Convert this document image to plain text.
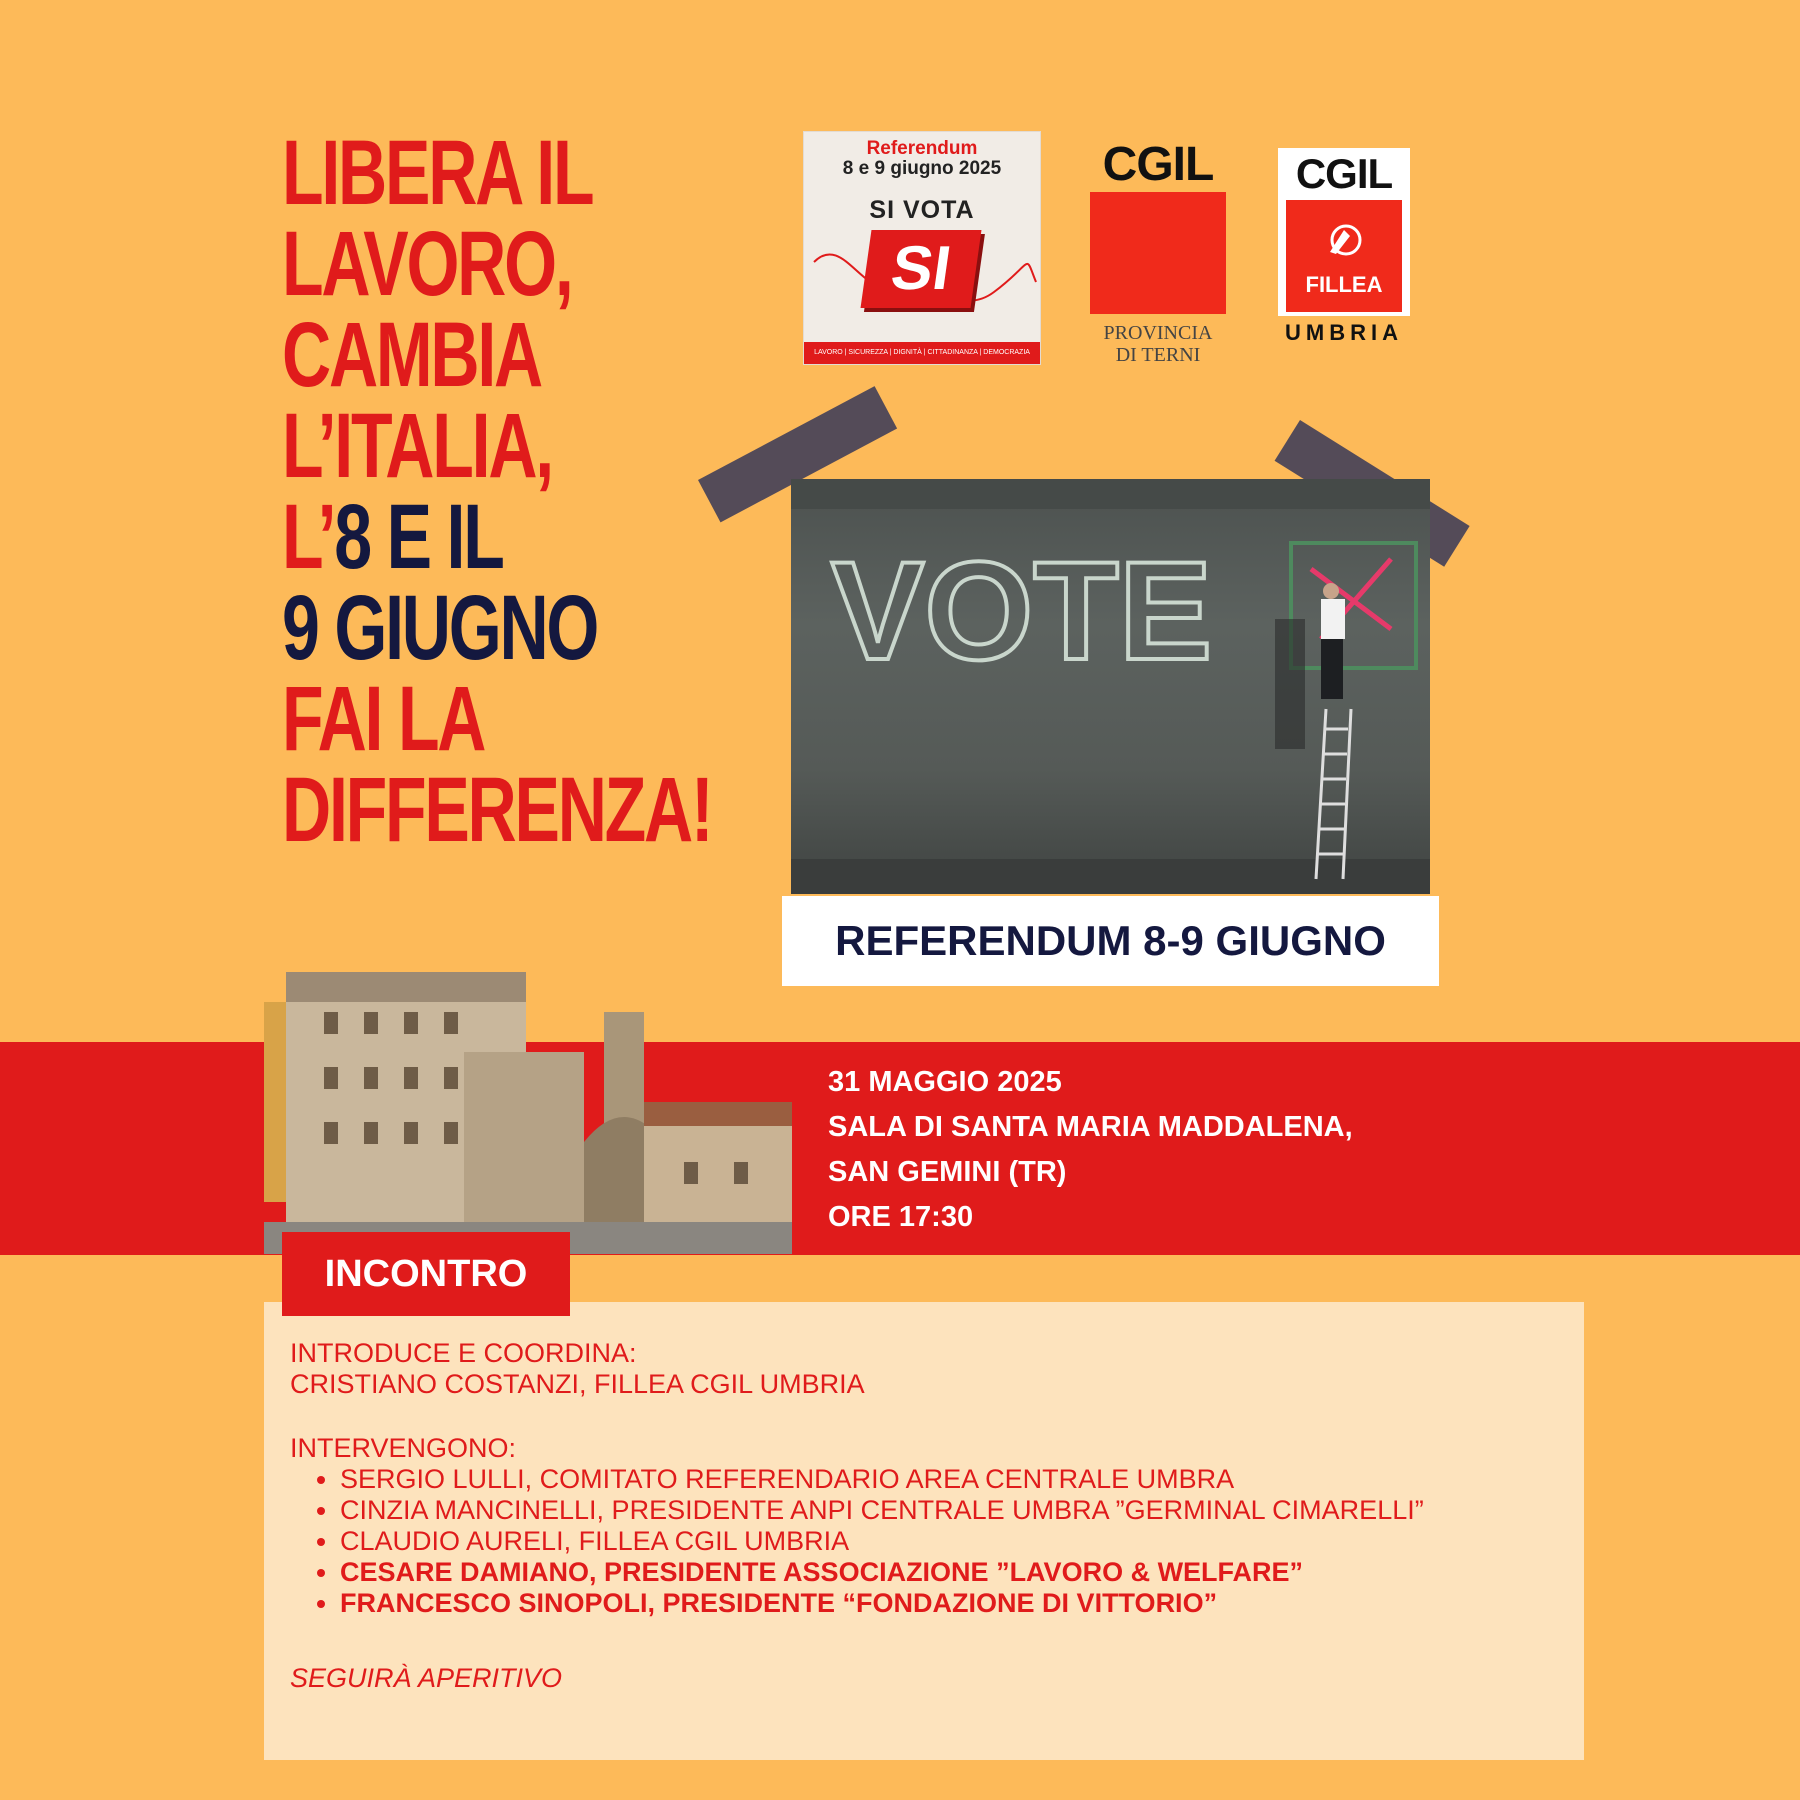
LIBERA IL
LAVORO,
CAMBIA
L’ITALIA,
L’8 E IL
9 GIUGNO
FAI LA
DIFFERENZA!
Referendum
8 e 9 giugno 2025
SI VOTA
SI
LAVORO | SICUREZZA | DIGNITÀ | CITTADINANZA | DEMOCRAZIA
CGIL
PROVINCIA
DI TERNI
CGIL
FILLEA
UMBRIA
VOTE
REFERENDUM 8-9 GIUGNO
31 MAGGIO 2025
SALA DI SANTA MARIA MADDALENA,
SAN GEMINI (TR)
ORE 17:30
INCONTRO
INTRODUCE E COORDINA:
CRISTIANO COSTANZI, FILLEA CGIL UMBRIA
INTERVENGONO:
• SERGIO LULLI, COMITATO REFERENDARIO AREA CENTRALE UMBRA
• CINZIA MANCINELLI, PRESIDENTE ANPI CENTRALE UMBRA ”GERMINAL CIMARELLI”
• CLAUDIO AURELI, FILLEA CGIL UMBRIA
• CESARE DAMIANO, PRESIDENTE ASSOCIAZIONE ”LAVORO & WELFARE”
• FRANCESCO SINOPOLI, PRESIDENTE “FONDAZIONE DI VITTORIO”
SEGUIRÀ APERITIVO
